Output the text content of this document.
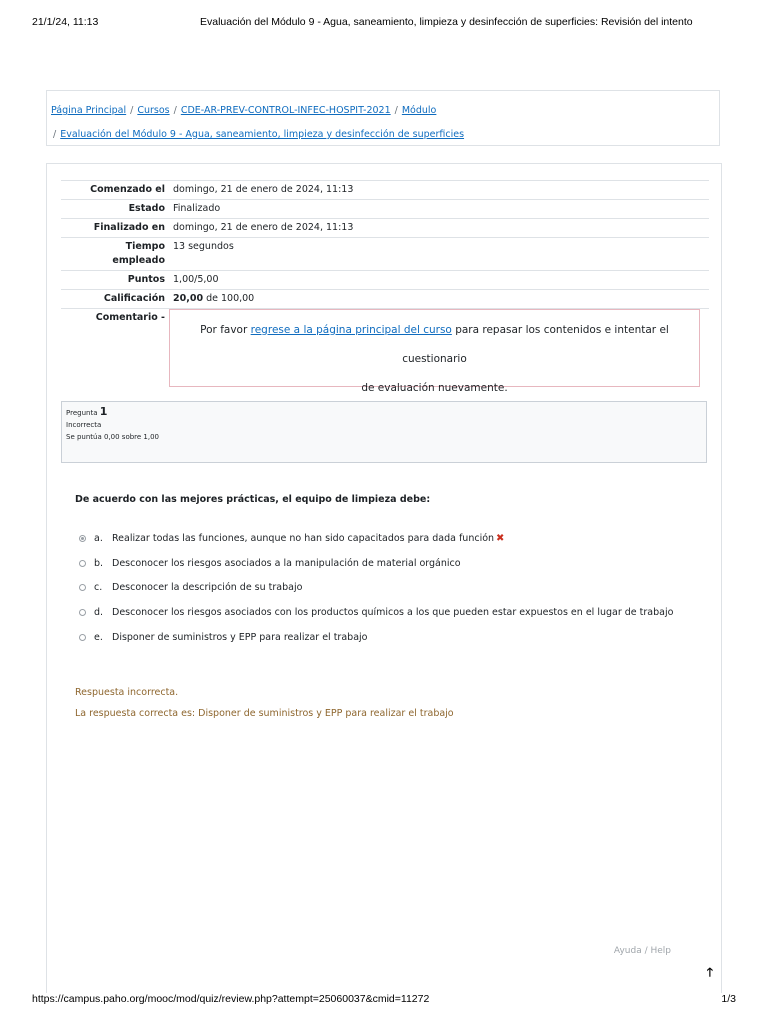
21/1/24, 11:13	Evaluación del Módulo 9 - Agua, saneamiento, limpieza y desinfección de superficies: Revisión del intento
Página Principal / Cursos / CDE-AR-PREV-CONTROL-INFEC-HOSPIT-2021 / Módulo
/ Evaluación del Módulo 9 - Agua, saneamiento, limpieza y desinfección de superficies
Comenzado el	domingo, 21 de enero de 2024, 11:13
Estado	Finalizado
Finalizado en	domingo, 21 de enero de 2024, 11:13
Tiempo
empleado	13 segundos
Puntos	1,00/5,00
Calificación	20,00 de 100,00
Comentario -	Por favor regrese a la página principal del curso para repasar los contenidos e intentar el cuestionario
de evaluación nuevamente.
Pregunta 1
Incorrecta
Se puntúa 0,00 sobre 1,00
De acuerdo con las mejores prácticas, el equipo de limpieza debe:
a. Realizar todas las funciones, aunque no han sido capacitados para dada función ✖
b. Desconocer los riesgos asociados a la manipulación de material orgánico
c.	Desconocer la descripción de su trabajo
d. Desconocer los riesgos asociados con los productos químicos a los que pueden estar expuestos en el lugar de trabajo
e. Disponer de suministros y EPP para realizar el trabajo
Respuesta incorrecta.
La respuesta correcta es: Disponer de suministros y EPP para realizar el trabajo
Ayuda / Help
🡑
https://campus.paho.org/mooc/mod/quiz/review.php?attempt=25060037&cmid=11272	1/3
